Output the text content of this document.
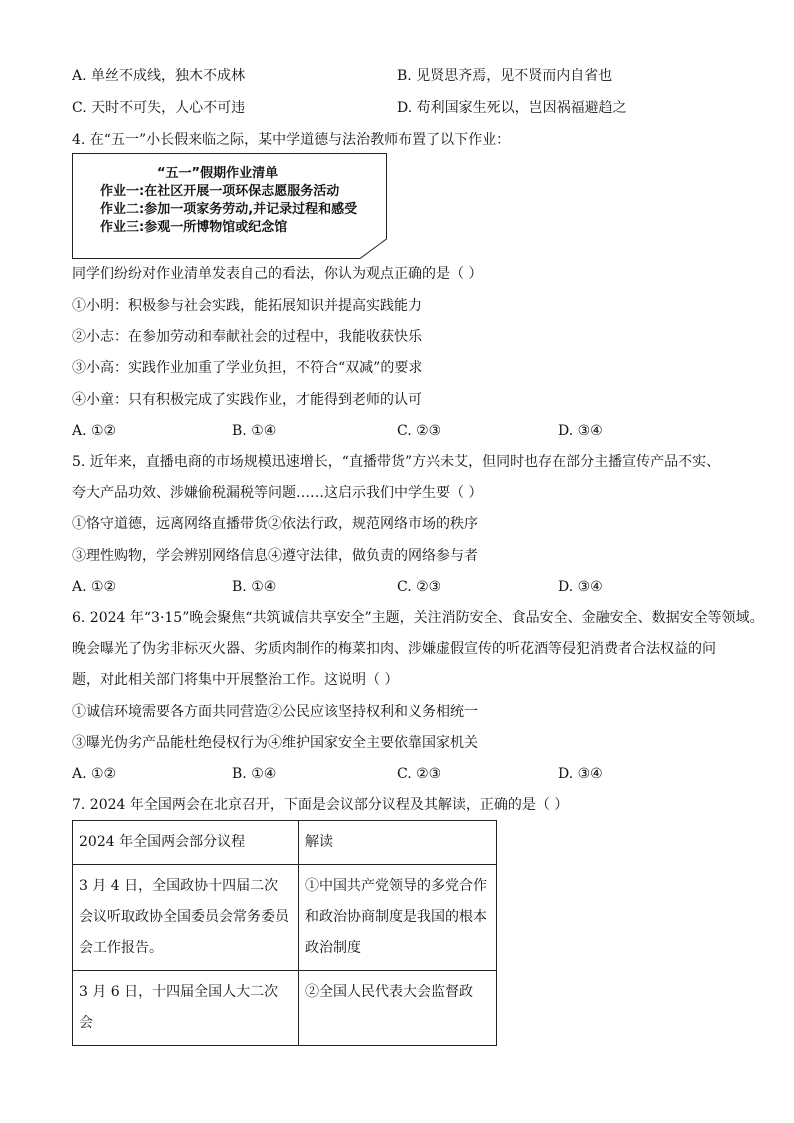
A. 单丝不成线，独木不成林	B. 见贤思齐焉，见不贤而内自省也
C. 天时不可失，人心不可违	D. 苟利国家生死以，岂因祸福避趋之
4. 在“五一”小长假来临之际，某中学道德与法治教师布置了以下作业：
“五一”假期作业清单
作业一:在社区开展一项环保志愿服务活动
作业二:参加一项家务劳动,并记录过程和感受
作业三:参观一所博物馆或纪念馆
同学们纷纷对作业清单发表自己的看法，你认为观点正确的是（ ）
①小明：积极参与社会实践，能拓展知识并提高实践能力
②小志：在参加劳动和奉献社会的过程中，我能收获快乐
③小高：实践作业加重了学业负担，不符合“双减”的要求
④小童：只有积极完成了实践作业，才能得到老师的认可
A. ①②	B. ①④	C. ②③	D. ③④
5. 近年来，直播电商的市场规模迅速增长，“直播带货”方兴未艾，但同时也存在部分主播宣传产品不实、
夸大产品功效、涉嫌偷税漏税等问题……这启示我们中学生要（ ）
①恪守道德，远离网络直播带货②依法行政，规范网络市场的秩序
③理性购物，学会辨别网络信息④遵守法律，做负责的网络参与者
A. ①②	B. ①④	C. ②③	D. ③④
6. 2024 年“3·15”晚会聚焦“共筑诚信共享安全”主题，关注消防安全、食品安全、金融安全、数据安全等领域。
晚会曝光了伪劣非标灭火器、劣质肉制作的梅菜扣肉、涉嫌虚假宣传的听花酒等侵犯消费者合法权益的问
题，对此相关部门将集中开展整治工作。这说明（ ）
①诚信环境需要各方面共同营造②公民应该坚持权利和义务相统一
③曝光伪劣产品能杜绝侵权行为④维护国家安全主要依靠国家机关
A. ①②	B. ①④	C. ②③	D. ③④
7. 2024 年全国两会在北京召开，下面是会议部分议程及其解读，正确的是（ ）
2024 年全国两会部分议程	解读
3 月 4 日，全国政协十四届二次会议听取政协全国委员会常务委员会工作报告。	①中国共产党领导的多党合作和政治协商制度是我国的根本政治制度
3 月 6 日，十四届全国人大二次会	②全国人民代表大会监督政
